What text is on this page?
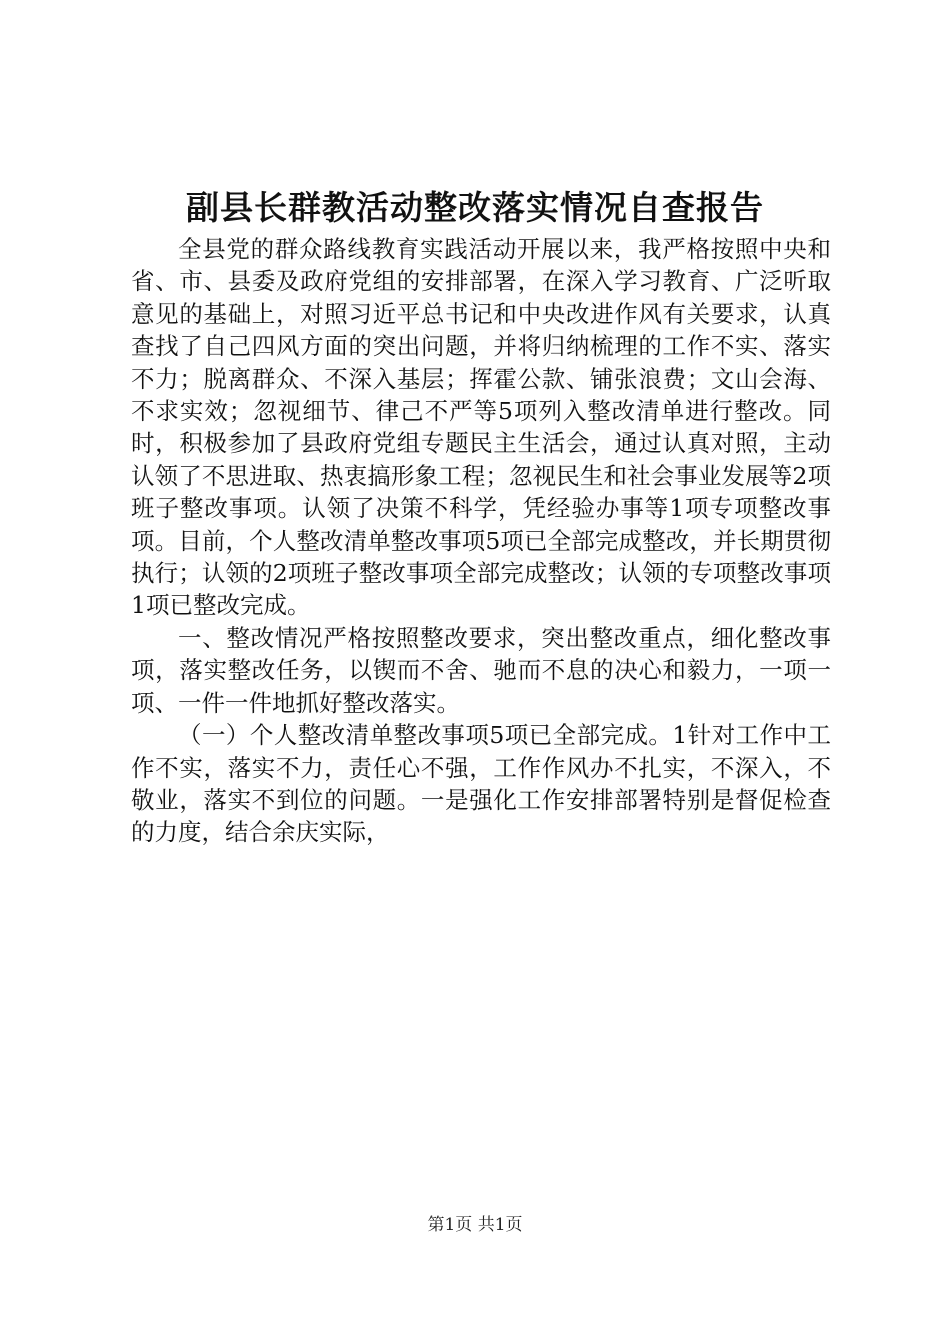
副县长群教活动整改落实情况自查报告

全县党的群众路线教育实践活动开展以来，我严格按照中央和省、市、县委及政府党组的安排部署，在深入学习教育、广泛听取意见的基础上，对照习近平总书记和中央改进作风有关要求，认真查找了自己四风方面的突出问题，并将归纳梳理的工作不实、落实不力；脱离群众、不深入基层；挥霍公款、铺张浪费；文山会海、不求实效；忽视细节、律己不严等5项列入整改清单进行整改。同时，积极参加了县政府党组专题民主生活会，通过认真对照，主动认领了不思进取、热衷搞形象工程；忽视民生和社会事业发展等2项班子整改事项。认领了决策不科学，凭经验办事等1项专项整改事项。目前，个人整改清单整改事项5项已全部完成整改，并长期贯彻执行；认领的2项班子整改事项全部完成整改；认领的专项整改事项1项已整改完成。

一、整改情况严格按照整改要求，突出整改重点，细化整改事项，落实整改任务，以锲而不舍、驰而不息的决心和毅力，一项一项、一件一件地抓好整改落实。

（一）个人整改清单整改事项5项已全部完成。1针对工作中工作不实，落实不力，责任心不强，工作作风办不扎实，不深入，不敬业，落实不到位的问题。一是强化工作安排部署特别是督促检查的力度，结合余庆实际，

第1页 共1页
